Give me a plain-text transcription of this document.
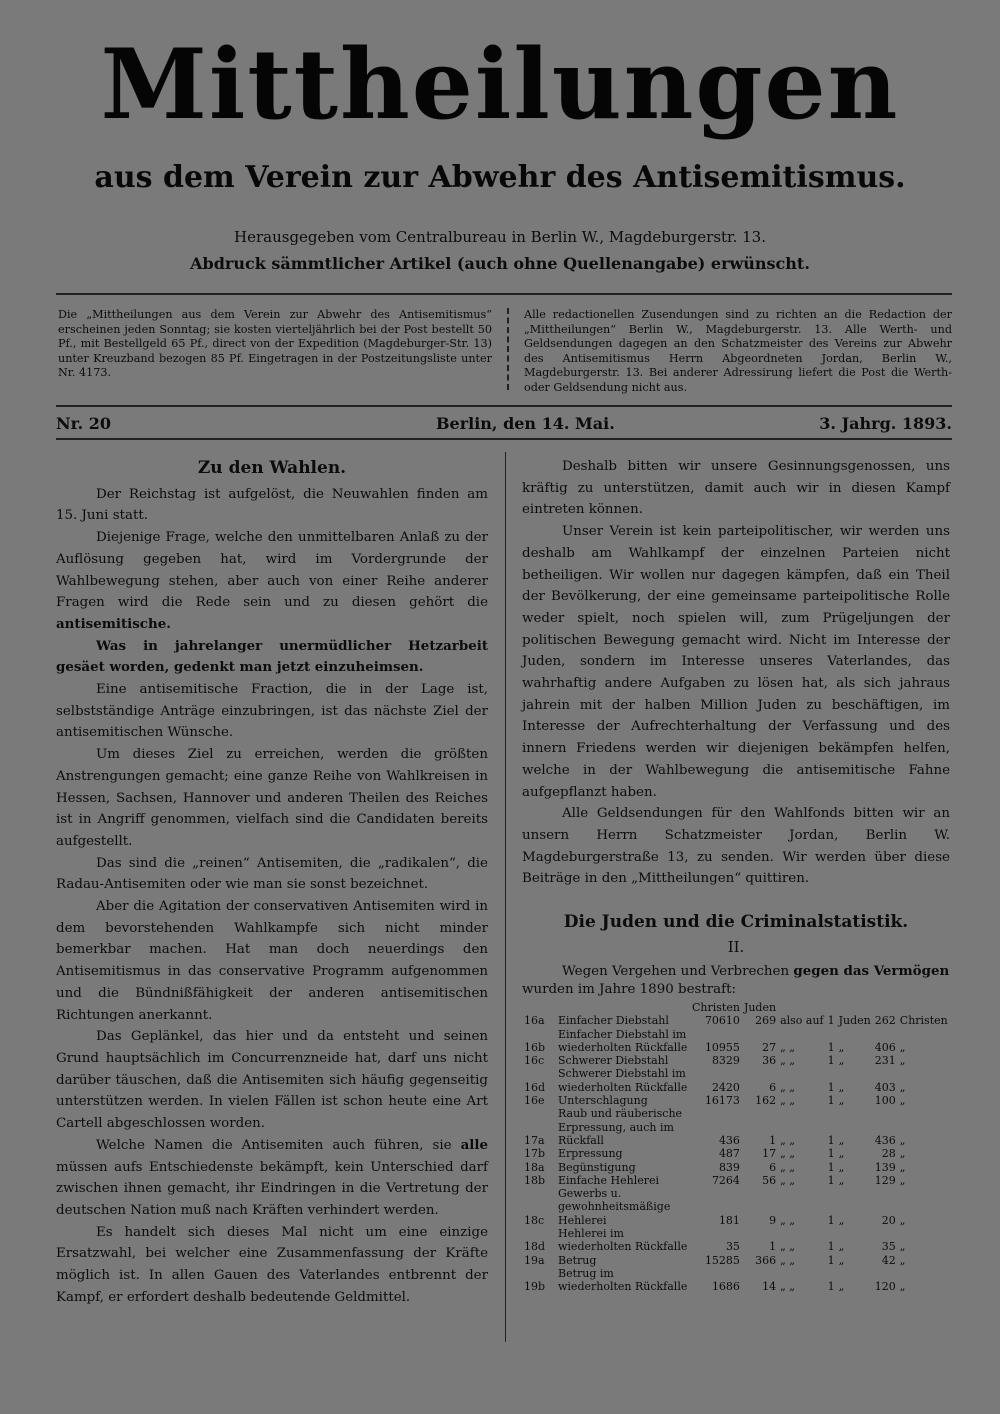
Mittheilungen
aus dem Verein zur Abwehr des Antisemitismus.
Herausgegeben vom Centralbureau in Berlin W., Magdeburgerstr. 13.
Abdruck sämmtlicher Artikel (auch ohne Quellenangabe) erwünscht.
Die „Mittheilungen aus dem Verein zur Abwehr des Antisemitismus“ erscheinen jeden Sonntag; sie kosten vierteljährlich bei der Post bestellt 50 Pf., mit Bestellgeld 65 Pf., direct von der Expedition (Magdeburger-Str. 13) unter Kreuzband bezogen 85 Pf. Eingetragen in der Postzeitungsliste unter Nr. 4173.
Alle redactionellen Zusendungen sind zu richten an die Redaction der „Mittheilungen“ Berlin W., Magdeburgerstr. 13. Alle Werth- und Geldsendungen dagegen an den Schatzmeister des Vereins zur Abwehr des Antisemitismus Herrn Abgeordneten Jordan, Berlin W., Magdeburgerstr. 13. Bei anderer Adressirung liefert die Post die Werth- oder Geldsendung nicht aus.
Nr. 20	Berlin, den 14. Mai.	3. Jahrg. 1893.
Zu den Wahlen.

Der Reichstag ist aufgelöst, die Neuwahlen finden am 15. Juni statt.

Diejenige Frage, welche den unmittelbaren Anlaß zu der Auflösung gegeben hat, wird im Vordergrunde der Wahlbewegung stehen, aber auch von einer Reihe anderer Fragen wird die Rede sein und zu diesen gehört die antisemitische.

Was in jahrelanger unermüdlicher Hetzarbeit gesäet worden, gedenkt man jetzt einzuheimsen.

Eine antisemitische Fraction, die in der Lage ist, selbstständige Anträge einzubringen, ist das nächste Ziel der antisemitischen Wünsche.

Um dieses Ziel zu erreichen, werden die größten Anstrengungen gemacht; eine ganze Reihe von Wahlkreisen in Hessen, Sachsen, Hannover und anderen Theilen des Reiches ist in Angriff genommen, vielfach sind die Candidaten bereits aufgestellt.

Das sind die „reinen“ Antisemiten, die „radikalen“, die Radau-Antisemiten oder wie man sie sonst bezeichnet.

Aber die Agitation der conservativen Antisemiten wird in dem bevorstehenden Wahlkampfe sich nicht minder bemerkbar machen. Hat man doch neuerdings den Antisemitismus in das conservative Programm aufgenommen und die Bündnißfähigkeit der anderen antisemitischen Richtungen anerkannt.

Das Geplänkel, das hier und da entsteht und seinen Grund hauptsächlich im Concurrenzneide hat, darf uns nicht darüber täuschen, daß die Antisemiten sich häufig gegenseitig unterstützen werden. In vielen Fällen ist schon heute eine Art Cartell abgeschlossen worden.

Welche Namen die Antisemiten auch führen, sie alle müssen aufs Entschiedenste bekämpft, kein Unterschied darf zwischen ihnen gemacht, ihr Eindringen in die Vertretung der deutschen Nation muß nach Kräften verhindert werden.

Es handelt sich dieses Mal nicht um eine einzige Ersatzwahl, bei welcher eine Zusammenfassung der Kräfte möglich ist. In allen Gauen des Vaterlandes entbrennt der Kampf, er erfordert deshalb bedeutende Geldmittel.

Deshalb bitten wir unsere Gesinnungsgenossen, uns kräftig zu unterstützen, damit auch wir in diesen Kampf eintreten können.

Unser Verein ist kein parteipolitischer, wir werden uns deshalb am Wahlkampf der einzelnen Parteien nicht betheiligen. Wir wollen nur dagegen kämpfen, daß ein Theil der Bevölkerung, der eine gemeinsame parteipolitische Rolle weder spielt, noch spielen will, zum Prügeljungen der politischen Bewegung gemacht wird. Nicht im Interesse der Juden, sondern im Interesse unseres Vaterlandes, das wahrhaftig andere Aufgaben zu lösen hat, als sich jahraus jahrein mit der halben Million Juden zu beschäftigen, im Interesse der Aufrechterhaltung der Verfassung und des innern Friedens werden wir diejenigen bekämpfen helfen, welche in der Wahlbewegung die antisemitische Fahne aufgepflanzt haben.

Alle Geldsendungen für den Wahlfonds bitten wir an unsern Herrn Schatzmeister Jordan, Berlin W. Magdeburgerstraße 13, zu senden. Wir werden über diese Beiträge in den „Mittheilungen“ quittiren.

Die Juden und die Criminalstatistik.
II.
Wegen Vergehen und Verbrechen gegen das Vermögen wurden im Jahre 1890 bestraft:
		Christen	Juden					
16a	Einfacher Diebstahl	70610	269	also auf	1	Juden	262	Christen
16b	Einfacher Diebstahl im wiederholten Rückfalle	10955	27	„ „	1	„	406	„
16c	Schwerer Diebstahl	8329	36	„ „	1	„	231	„
16d	Schwerer Diebstahl im wiederholten Rückfalle	2420	6	„ „	1	„	403	„
16e	Unterschlagung	16173	162	„ „	1	„	100	„
17a	Raub und räuberische Erpressung, auch im Rückfall	436	1	„ „	1	„	436	„
17b	Erpressung	487	17	„ „	1	„	28	„
18a	Begünstigung	839	6	„ „	1	„	139	„
18b	Einfache Hehlerei	7264	56	„ „	1	„	129	„
18c	Gewerbs u. gewohnheitsmäßige Hehlerei	181	9	„ „	1	„	20	„
18d	Hehlerei im wiederholten Rückfalle	35	1	„ „	1	„	35	„
19a	Betrug	15285	366	„ „	1	„	42	„
19b	Betrug im wiederholten Rückfalle	1686	14	„ „	1	„	120	„
